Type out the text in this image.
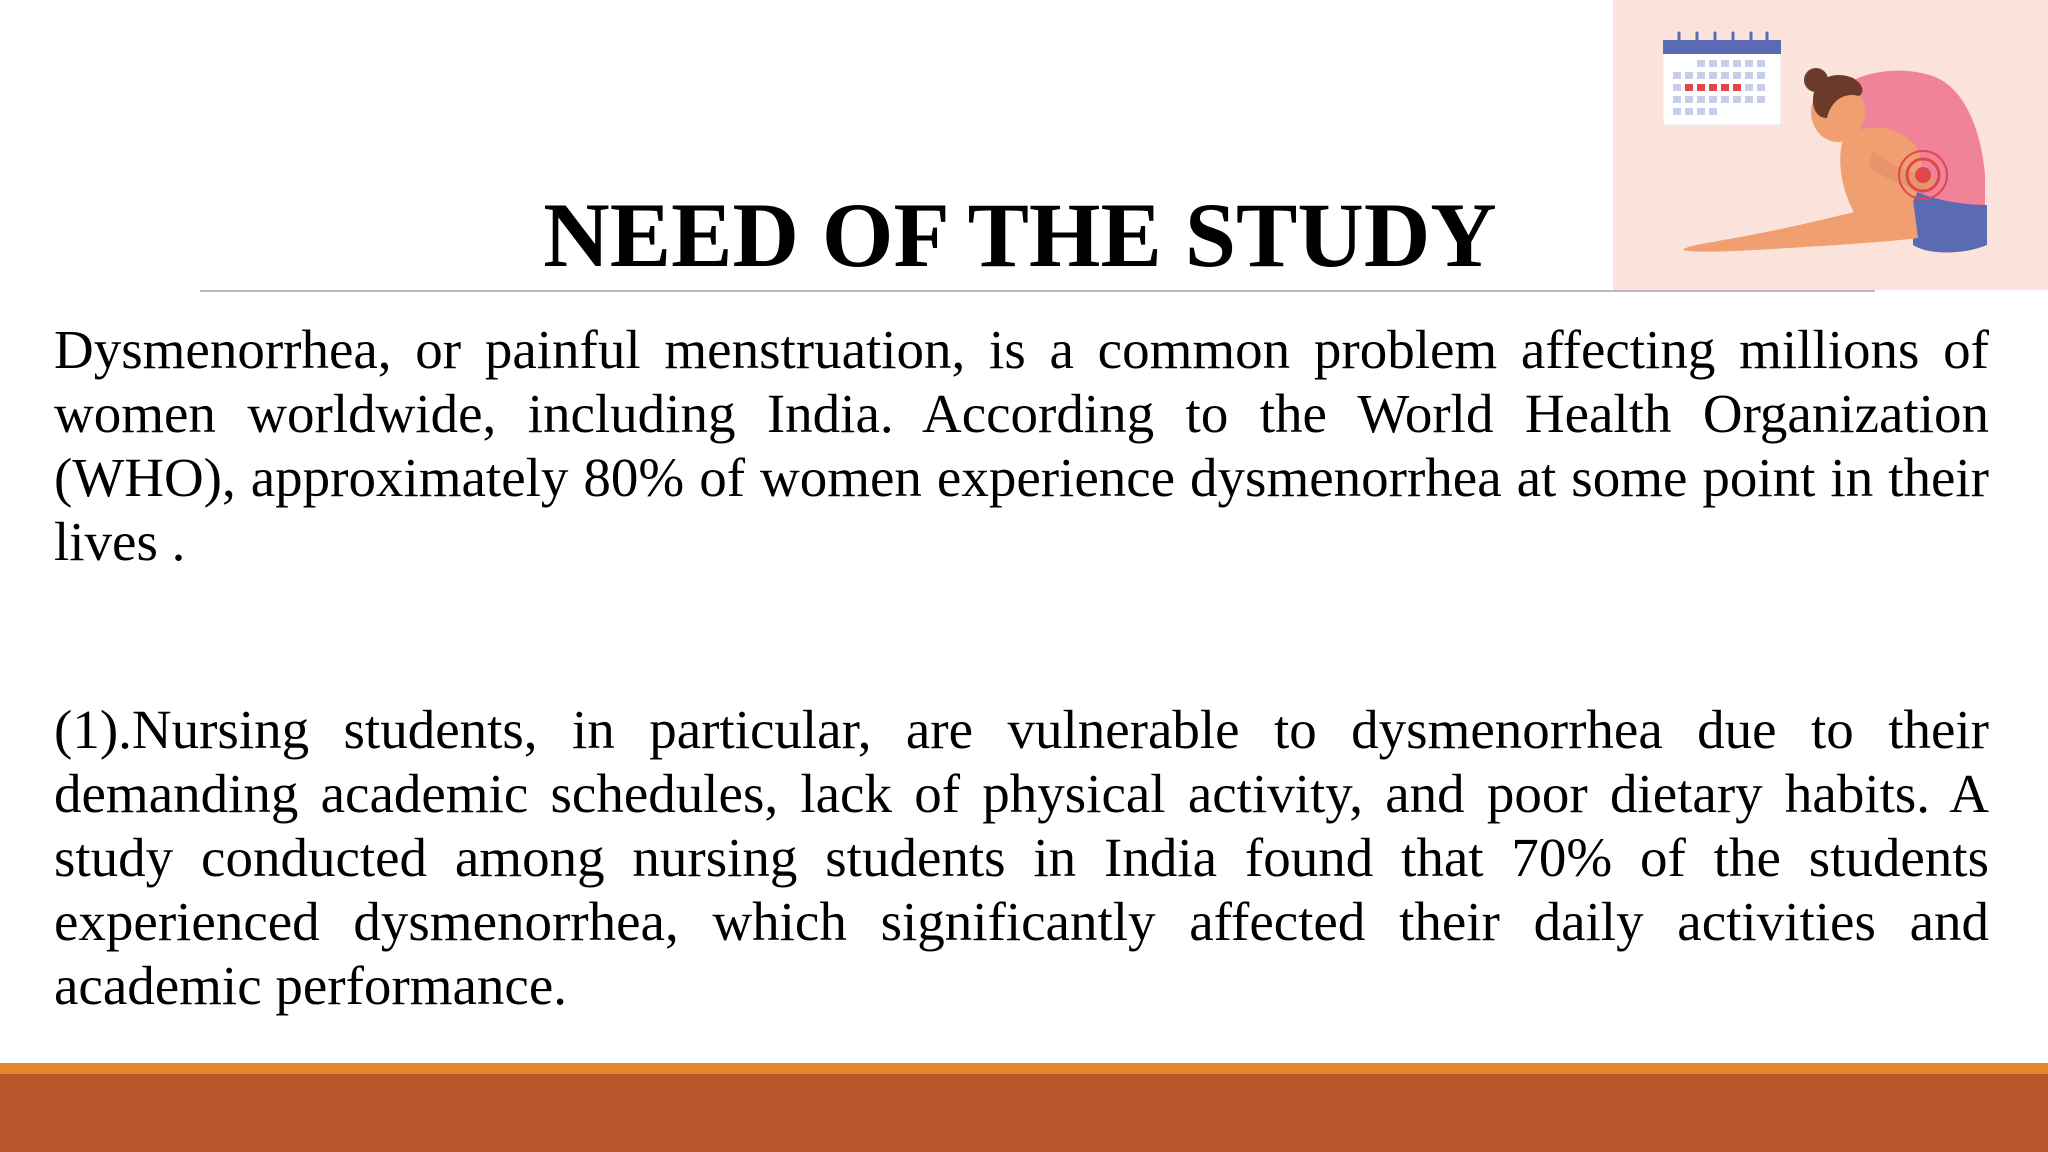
NEED OF THE STUDY

Dysmenorrhea, or painful menstruation, is a common problem affecting millions of women worldwide, including India. According to the World Health Organization (WHO), approximately 80% of women experience dysmenorrhea at some point in their lives .

(1).Nursing students, in particular, are vulnerable to dysmenorrhea due to their demanding academic schedules, lack of physical activity, and poor dietary habits. A study conducted among nursing students in India found that 70% of the students experienced dysmenorrhea, which significantly affected their daily activities and academic performance.
